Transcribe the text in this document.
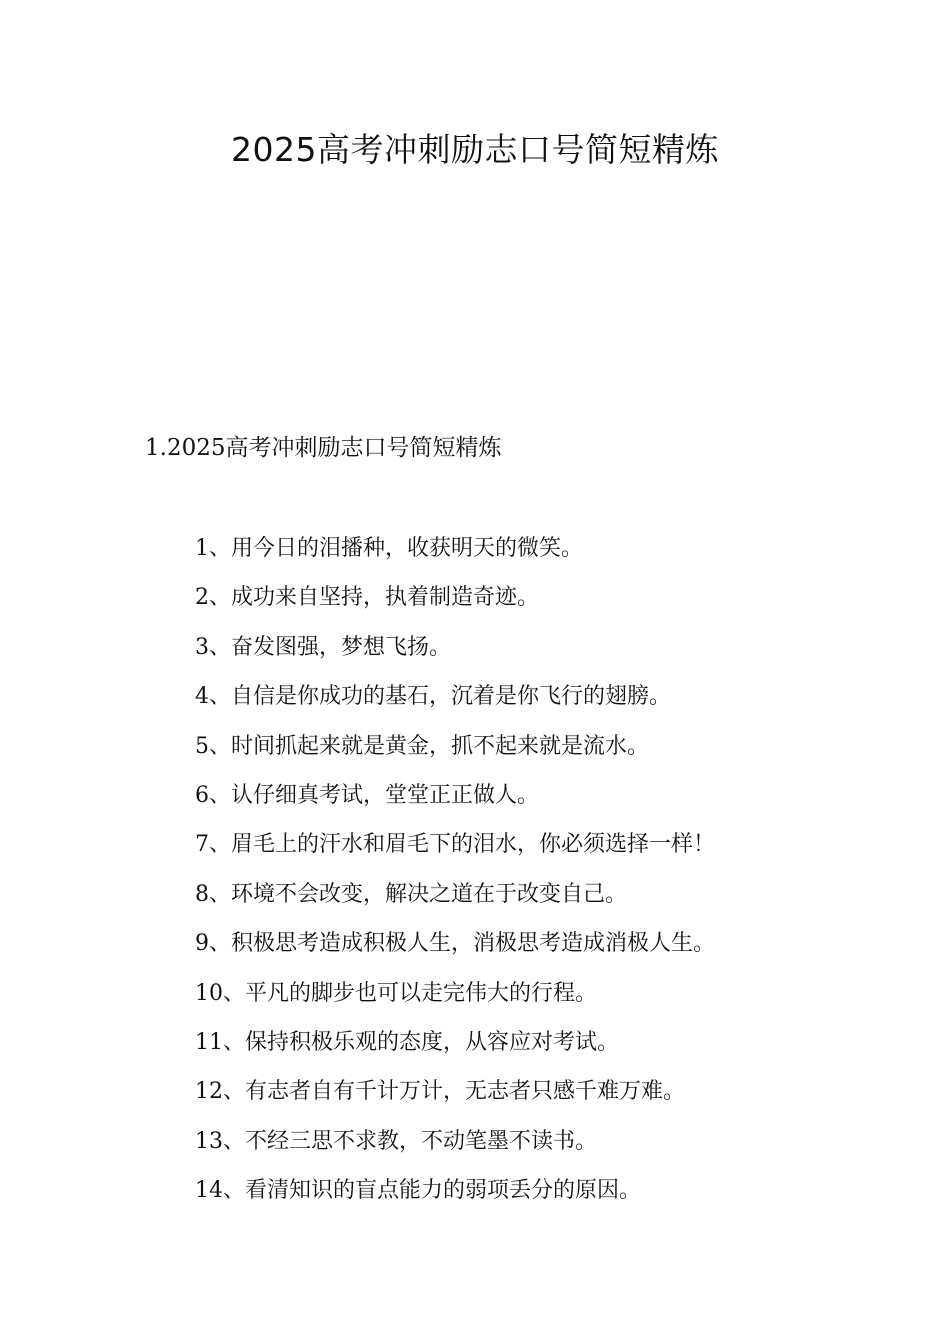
2025高考冲刺励志口号简短精炼
1.2025高考冲刺励志口号简短精炼
1、用今日的泪播种，收获明天的微笑。
2、成功来自坚持，执着制造奇迹。
3、奋发图强，梦想飞扬。
4、自信是你成功的基石，沉着是你飞行的翅膀。
5、时间抓起来就是黄金，抓不起来就是流水。
6、认仔细真考试，堂堂正正做人。
7、眉毛上的汗水和眉毛下的泪水，你必须选择一样！
8、环境不会改变，解决之道在于改变自己。
9、积极思考造成积极人生，消极思考造成消极人生。
10、平凡的脚步也可以走完伟大的行程。
11、保持积极乐观的态度，从容应对考试。
12、有志者自有千计万计，无志者只感千难万难。
13、不经三思不求教，不动笔墨不读书。
14、看清知识的盲点能力的弱项丢分的原因。
